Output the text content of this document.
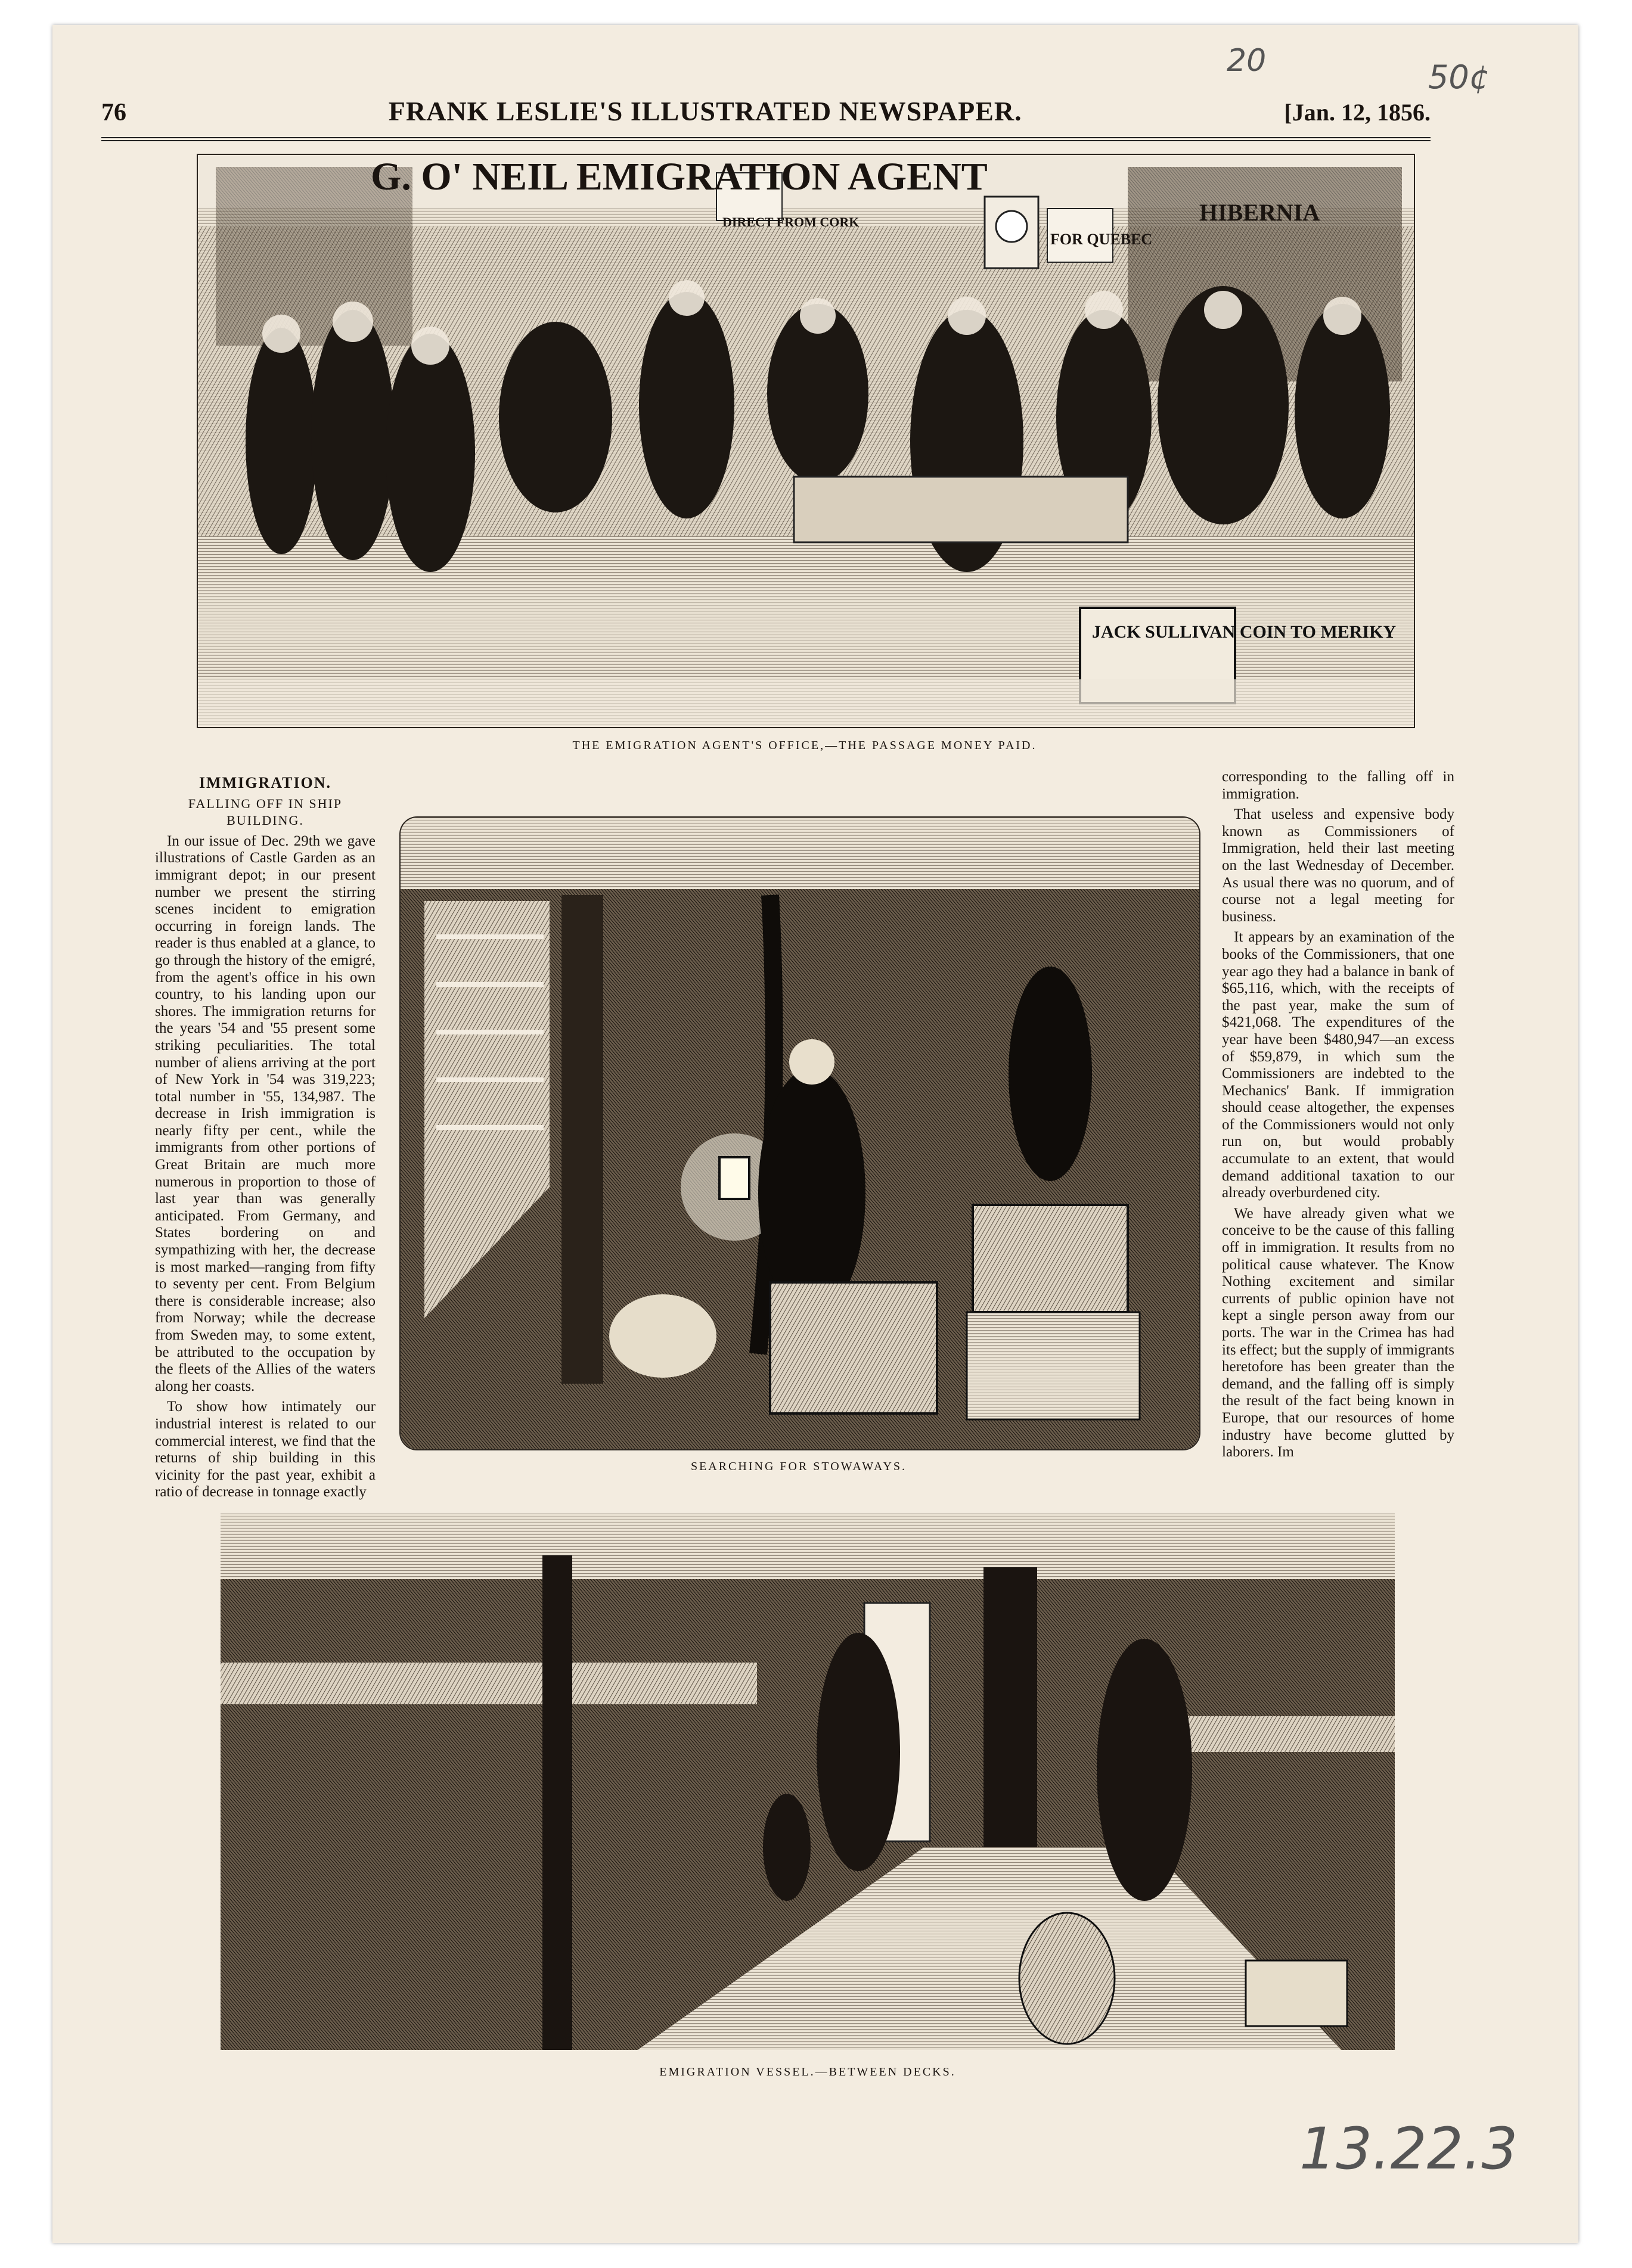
20	50¢
13.22.3
76	FRANK LESLIE'S ILLUSTRATED NEWSPAPER.	[Jan. 12, 1856.
G. O' NEIL EMIGRATION AGENT
DIRECT FROM CORK
FOR QUEBEC
HIBERNIA
JACK SULLIVAN COIN TO MERIKY
THE EMIGRATION AGENT'S OFFICE,—THE PASSAGE MONEY PAID.
IMMIGRATION.
FALLING OFF IN SHIP BUILDING.

In our issue of Dec. 29th we gave illustrations of Castle Garden as an immigrant depot; in our present number we present the stirring scenes incident to emigration occurring in foreign lands. The reader is thus enabled at a glance, to go through the history of the emigré, from the agent's office in his own country, to his landing upon our shores. The immigration returns for the years '54 and '55 present some striking peculiarities. The total number of aliens arriving at the port of New York in '54 was 319,223; total number in '55, 134,987. The decrease in Irish immigration is nearly fifty per cent., while the immigrants from other portions of Great Britain are much more numerous in proportion to those of last year than was generally anticipated. From Germany, and States bordering on and sympathizing with her, the decrease is most marked—ranging from fifty to seventy per cent. From Belgium there is considerable increase; also from Norway; while the decrease from Sweden may, to some extent, be attributed to the occupation by the fleets of the Allies of the waters along her coasts.

To show how intimately our industrial interest is related to our commercial interest, we find that the returns of ship building in this vicinity for the past year, exhibit a ratio of decrease in tonnage exactly

SEARCHING FOR STOWAWAYS.

corresponding to the falling off in immigration.

That useless and expensive body known as Commissioners of Immigration, held their last meeting on the last Wednesday of December. As usual there was no quorum, and of course not a legal meeting for business.

It appears by an examination of the books of the Commissioners, that one year ago they had a balance in bank of $65,116, which, with the receipts of the past year, make the sum of $421,068. The expenditures of the year have been $480,947—an excess of $59,879, in which sum the Commissioners are indebted to the Mechanics' Bank. If immigration should cease altogether, the expenses of the Commissioners would not only run on, but would probably accumulate to an extent, that would demand additional taxation to our already overburdened city.

We have already given what we conceive to be the cause of this falling off in immigration. It results from no political cause whatever. The Know Nothing excitement and similar currents of public opinion have not kept a single person away from our ports. The war in the Crimea has had its effect; but the supply of immigrants heretofore has been greater than the demand, and the falling off is simply the result of the fact being known in Europe, that our resources of home industry have become glutted by laborers. Im

EMIGRATION VESSEL.—BETWEEN DECKS.
